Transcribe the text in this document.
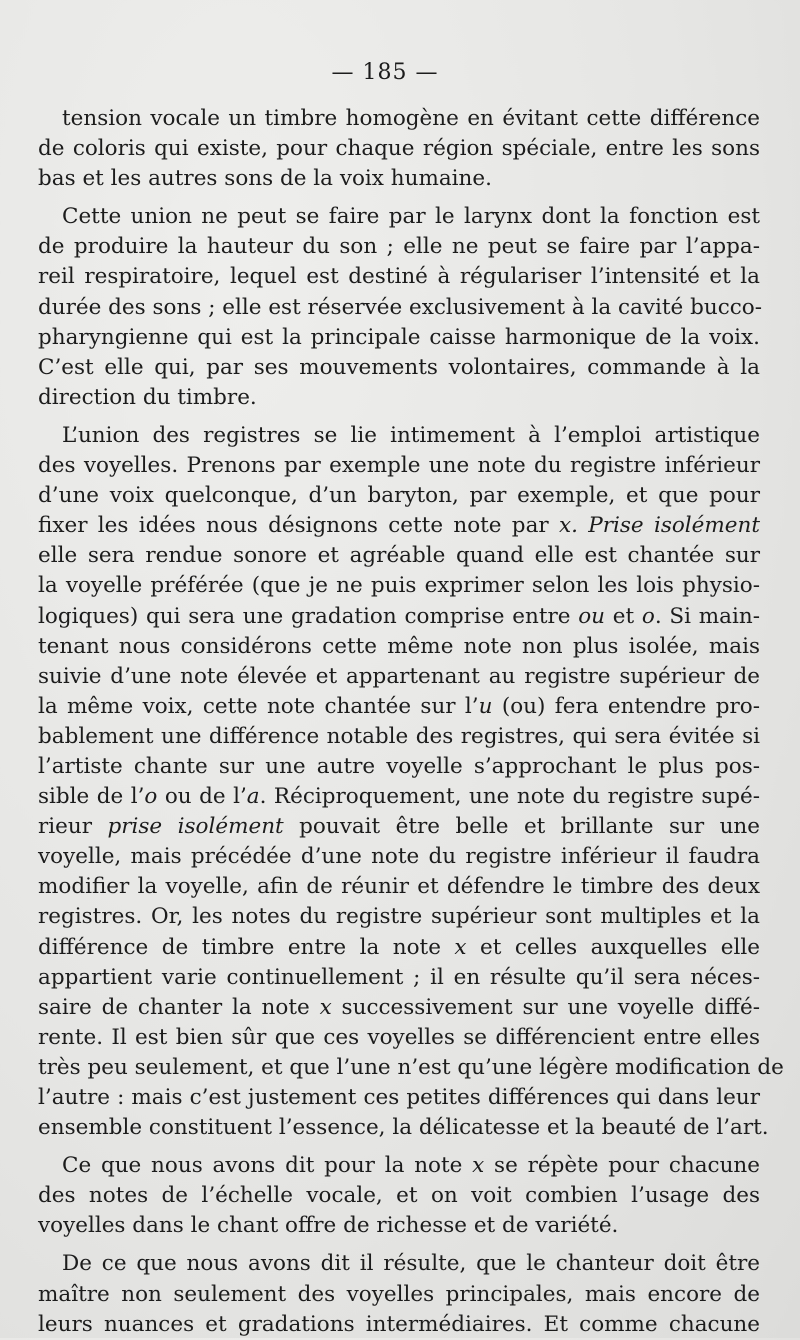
— 185 —
tension vocale un timbre homogène en évitant cette différence
de coloris qui existe, pour chaque région spéciale, entre les sons
bas et les autres sons de la voix humaine.
Cette union ne peut se faire par le larynx dont la fonction est
de produire la hauteur du son ; elle ne peut se faire par l’appa-
reil respiratoire, lequel est destiné à régulariser l’intensité et la
durée des sons ; elle est réservée exclusivement à la cavité bucco-
pharyngienne qui est la principale caisse harmonique de la voix.
C’est elle qui, par ses mouvements volontaires, commande à la
direction du timbre.
L’union des registres se lie intimement à l’emploi artistique
des voyelles. Prenons par exemple une note du registre inférieur
d’une voix quelconque, d’un baryton, par exemple, et que pour
fixer les idées nous désignons cette note par x. Prise isolément
elle sera rendue sonore et agréable quand elle est chantée sur
la voyelle préférée (que je ne puis exprimer selon les lois physio-
logiques) qui sera une gradation comprise entre ou et o. Si main-
tenant nous considérons cette même note non plus isolée, mais
suivie d’une note élevée et appartenant au registre supérieur de
la même voix, cette note chantée sur l’u (ou) fera entendre pro-
bablement une différence notable des registres, qui sera évitée si
l’artiste chante sur une autre voyelle s’approchant le plus pos-
sible de l’o ou de l’a. Réciproquement, une note du registre supé-
rieur prise isolément pouvait être belle et brillante sur une
voyelle, mais précédée d’une note du registre inférieur il faudra
modifier la voyelle, afin de réunir et défendre le timbre des deux
registres. Or, les notes du registre supérieur sont multiples et la
différence de timbre entre la note x et celles auxquelles elle
appartient varie continuellement ; il en résulte qu’il sera néces-
saire de chanter la note x successivement sur une voyelle diffé-
rente. Il est bien sûr que ces voyelles se différencient entre elles
très peu seulement, et que l’une n’est qu’une légère modification de
l’autre : mais c’est justement ces petites différences qui dans leur
ensemble constituent l’essence, la délicatesse et la beauté de l’art.
Ce que nous avons dit pour la note x se répète pour chacune
des notes de l’échelle vocale, et on voit combien l’usage des
voyelles dans le chant offre de richesse et de variété.
De ce que nous avons dit il résulte, que le chanteur doit être
maître non seulement des voyelles principales, mais encore de
leurs nuances et gradations intermédiaires. Et comme chacune
